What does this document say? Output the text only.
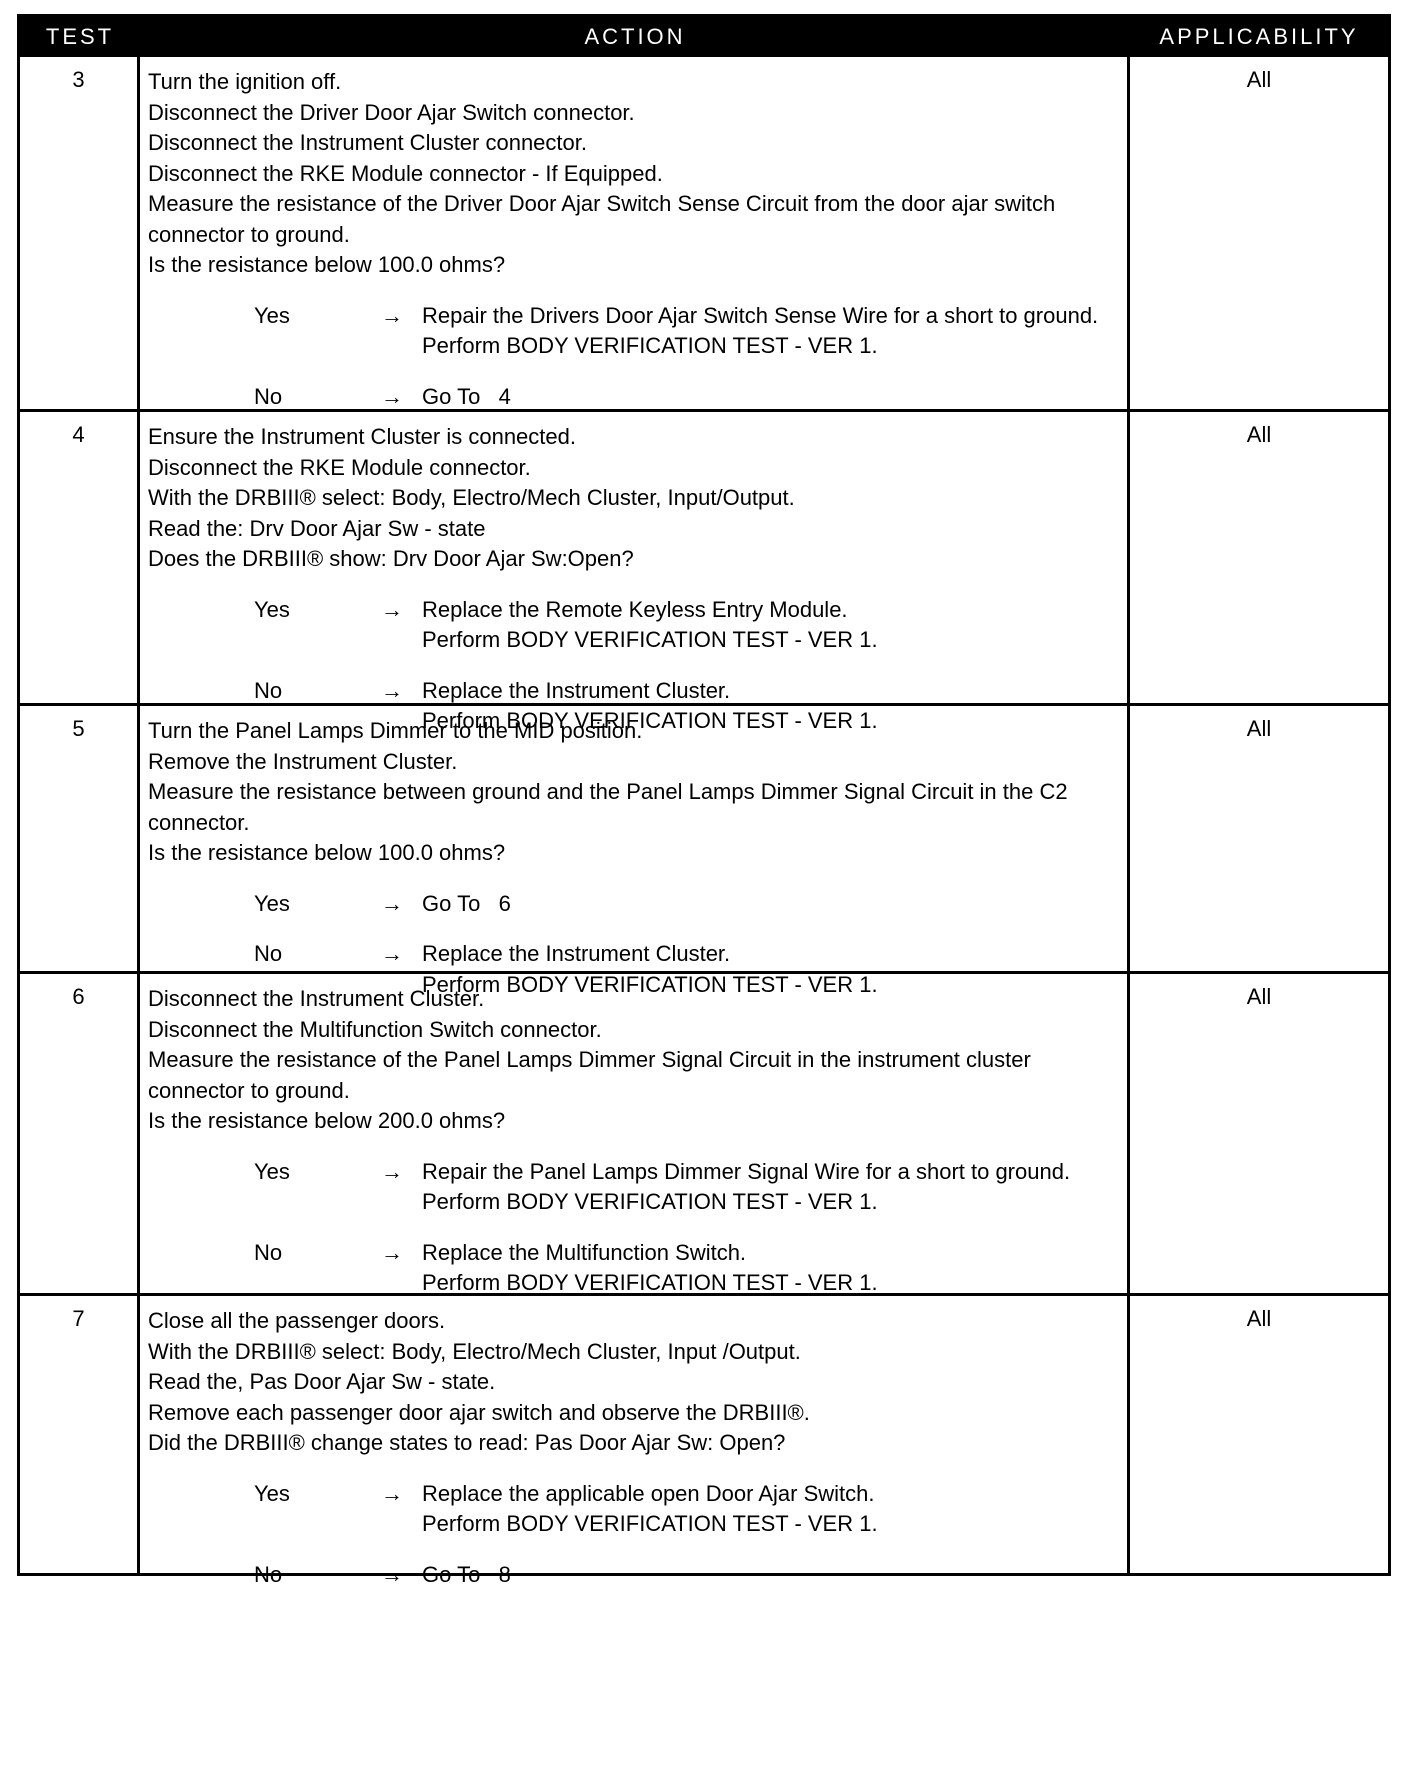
TEST	ACTION	APPLICABILITY
3	Turn the ignition off.
Disconnect the Driver Door Ajar Switch connector.
Disconnect the Instrument Cluster connector.
Disconnect the RKE Module connector - If Equipped.
Measure the resistance of the Driver Door Ajar Switch Sense Circuit from the door ajar switch connector to ground.
Is the resistance below 100.0 ohms?
Yes	→ Repair the Drivers Door Ajar Switch Sense Wire for a short to ground.
Perform BODY VERIFICATION TEST - VER 1.
No	→ Go To   4
All
4	Ensure the Instrument Cluster is connected.
Disconnect the RKE Module connector.
With the DRBIII® select: Body, Electro/Mech Cluster, Input/Output.
Read the: Drv Door Ajar Sw - state
Does the DRBIII® show: Drv Door Ajar Sw:Open?
Yes	→ Replace the Remote Keyless Entry Module.
Perform BODY VERIFICATION TEST - VER 1.
No	→ Replace the Instrument Cluster.
Perform BODY VERIFICATION TEST - VER 1.
All
5	Turn the Panel Lamps Dimmer to the MID position.
Remove the Instrument Cluster.
Measure the resistance between ground and the Panel Lamps Dimmer Signal Circuit in the C2 connector.
Is the resistance below 100.0 ohms?
Yes	→ Go To   6
No	→ Replace the Instrument Cluster.
Perform BODY VERIFICATION TEST - VER 1.
All
6	Disconnect the Instrument Cluster.
Disconnect the Multifunction Switch connector.
Measure the resistance of the Panel Lamps Dimmer Signal Circuit in the instrument cluster connector to ground.
Is the resistance below 200.0 ohms?
Yes	→ Repair the Panel Lamps Dimmer Signal Wire for a short to ground.
Perform BODY VERIFICATION TEST - VER 1.
No	→ Replace the Multifunction Switch.
Perform BODY VERIFICATION TEST - VER 1.
All
7	Close all the passenger doors.
With the DRBIII® select: Body, Electro/Mech Cluster, Input /Output.
Read the, Pas Door Ajar Sw - state.
Remove each passenger door ajar switch and observe the DRBIII®.
Did the DRBIII® change states to read: Pas Door Ajar Sw: Open?
Yes	→ Replace the applicable open Door Ajar Switch.
Perform BODY VERIFICATION TEST - VER 1.
No	→ Go To   8
All
